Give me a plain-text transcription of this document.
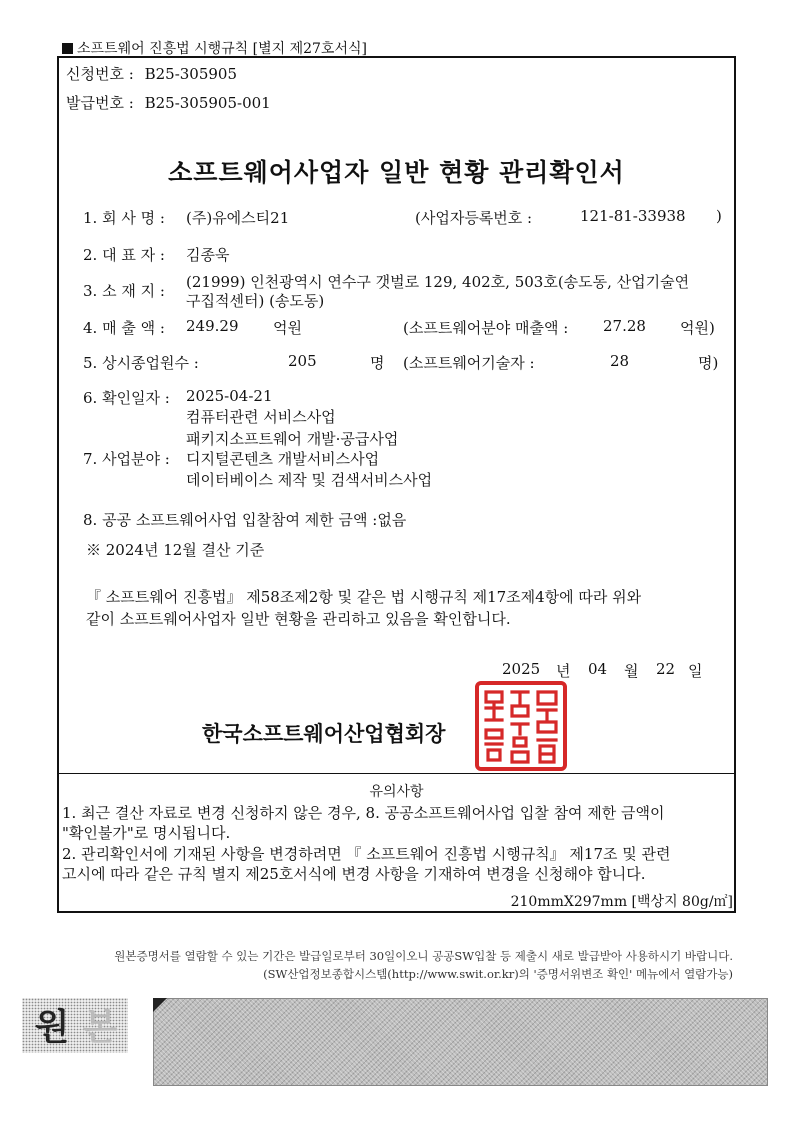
소프트웨어 진흥법 시행규칙 [별지 제27호서식]
신청번호 : B25-305905
발급번호 : B25-305905-001
소프트웨어사업자 일반 현황 관리확인서
1. 회 사 명 : (주)유에스티21	(사업자등록번호 :	121-81-33938 )
2. 대 표 자 : 김종욱
3. 소 재 지 : (21999) 인천광역시 연수구 갯벌로 129, 402호, 503호(송도동, 산업기술연
구집적센터) (송도동)
4. 매 출 액 : 249.29 억원	(소프트웨어분야 매출액 : 27.28 억원)
5. 상시종업원수 :	205	명 (소프트웨어기술자 :	28	명)
6. 확인일자 : 2025-04-21
컴퓨터관련 서비스사업
패키지소프트웨어 개발·공급사업
7. 사업분야 : 디지털콘텐츠 개발서비스사업
데이터베이스 제작 및 검색서비스사업
8. 공공 소프트웨어사업 입찰참여 제한 금액 :없음
※ 2024년 12월 결산 기준
『 소프트웨어 진흥법』 제58조제2항 및 같은 법 시행규칙 제17조제4항에 따라 위와
같이 소프트웨어사업자 일반 현황을 관리하고 있음을 확인합니다.
2025 년 04 월 22 일
한국소프트웨어산업협회장
유의사항
1. 최근 결산 자료로 변경 신청하지 않은 경우, 8. 공공소프트웨어사업 입찰 참여 제한 금액이
"확인불가"로 명시됩니다.
2. 관리확인서에 기재된 사항을 변경하려면 『 소프트웨어 진흥법 시행규칙』 제17조 및 관련
고시에 따라 같은 규칙 별지 제25호서식에 변경 사항을 기재하여 변경을 신청해야 합니다.
210mmX297mm [백상지 80g/㎡]
원본증명서를 열람할 수 있는 기간은 발급일로부터 30일이오니 공공SW입찰 등 제출시 새로 발급받아 사용하시기 바랍니다.
(SW산업정보종합시스템(http://www.swit.or.kr)의 '증명서위변조 확인' 메뉴에서 열람가능)
원 본
